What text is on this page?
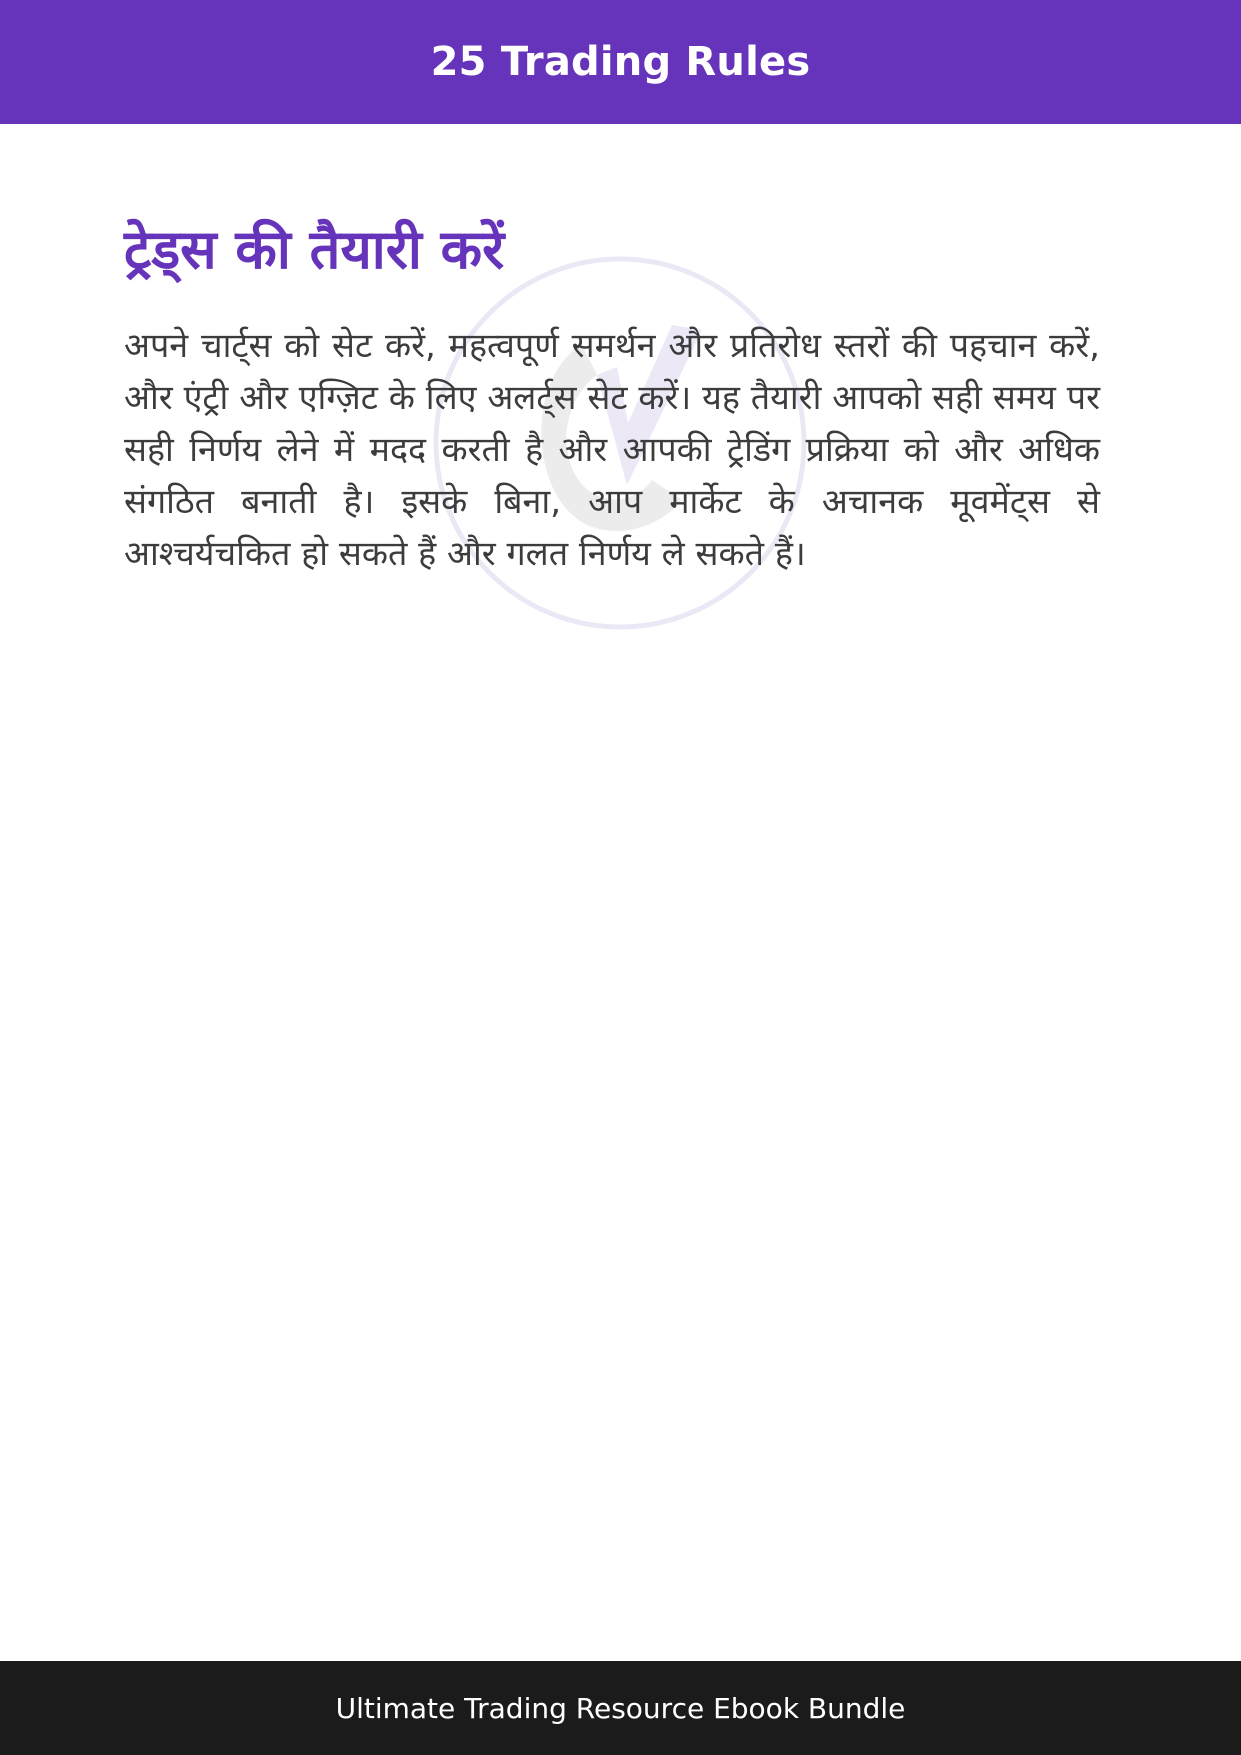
25 Trading Rules
ट्रेड्स की तैयारी करें

अपने चार्ट्स को सेट करें, महत्वपूर्ण समर्थन और प्रतिरोध स्तरों की पहचान करें, और एंट्री और एग्ज़िट के लिए अलर्ट्स सेट करें। यह तैयारी आपको सही समय पर सही निर्णय लेने में मदद करती है और आपकी ट्रेडिंग प्रक्रिया को और अधिक संगठित बनाती है। इसके बिना, आप मार्केट के अचानक मूवमेंट्स से आश्चर्यचकित हो सकते हैं और गलत निर्णय ले सकते हैं।

Ultimate Trading Resource Ebook Bundle
